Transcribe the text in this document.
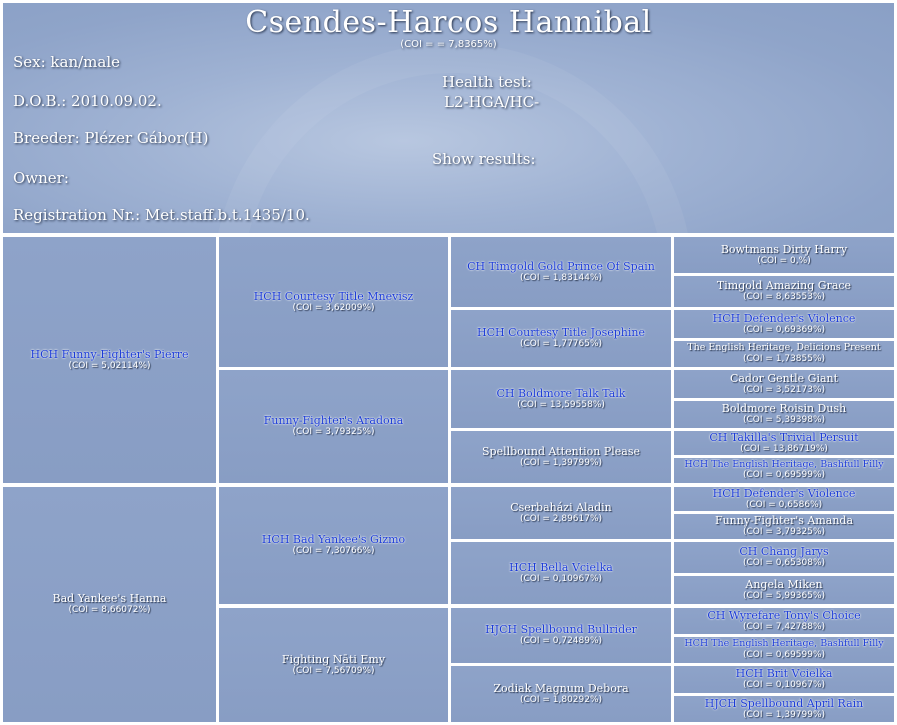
Csendes-Harcos Hannibal
(COI = = 7,8365%)
Sex: kan/male
D.O.B.: 2010.09.02.
Breeder: Plézer Gábor(H)
Owner:
Registration Nr.: Met.staff.b.t.1435/10.
Health test:
L2-HGA/HC-
Show results:
HCH Funny-Fighter's Pierre
(COI = 5,02114%)
Bad Yankee's Hanna
(COI = 8,66072%)
HCH Courtesy Title Mnevisz
(COI = 3,62009%)
Funny-Fighter's Aradona
(COI = 3,79325%)
HCH Bad Yankee's Gizmo
(COI = 7,30766%)
Fighting Nāti Emy
(COI = 7,56709%)
CH Timgold Gold Prince Of Spain
(COI = 1,83144%)
HCH Courtesy Title Josephine
(COI = 1,77765%)
CH Boldmore Talk Talk
(COI = 13,59558%)
Spellbound Attention Please
(COI = 1,39799%)
Cserbaházi Aladin
(COI = 2,89617%)
HCH Bella Vcielka
(COI = 0,10967%)
HJCH Spellbound Bullrider
(COI = 0,72489%)
Zodiak Magnum Debora
(COI = 1,80292%)
Bowtmans Dirty Harry
(COI = 0,%)
Timgold Amazing Grace
(COI = 8,63553%)
HCH Defender's Violence
(COI = 0,69369%)
The English Heritage, Delicions Present
(COI = 1,73855%)
Cador Gentle Giant
(COI = 3,52173%)
Boldmore Roisin Dush
(COI = 5,39398%)
CH Takilla's Trivial Persuit
(COI = 13,86719%)
HCH The English Heritage, Bashfull Filly
(COI = 0,69599%)
HCH Defender's Violence
(COI = 0,6586%)
Funny-Fighter's Amanda
(COI = 3,79325%)
CH Chang Jarys
(COI = 0,65308%)
Angela Miken
(COI = 5,99365%)
CH Wyrefare Tony's Choice
(COI = 7,42788%)
HCH The English Heritage, Bashfull Filly
(COI = 0,69599%)
HCH Brit Vcielka
(COI = 0,10967%)
HJCH Spellbound April Rain
(COI = 1,39799%)
